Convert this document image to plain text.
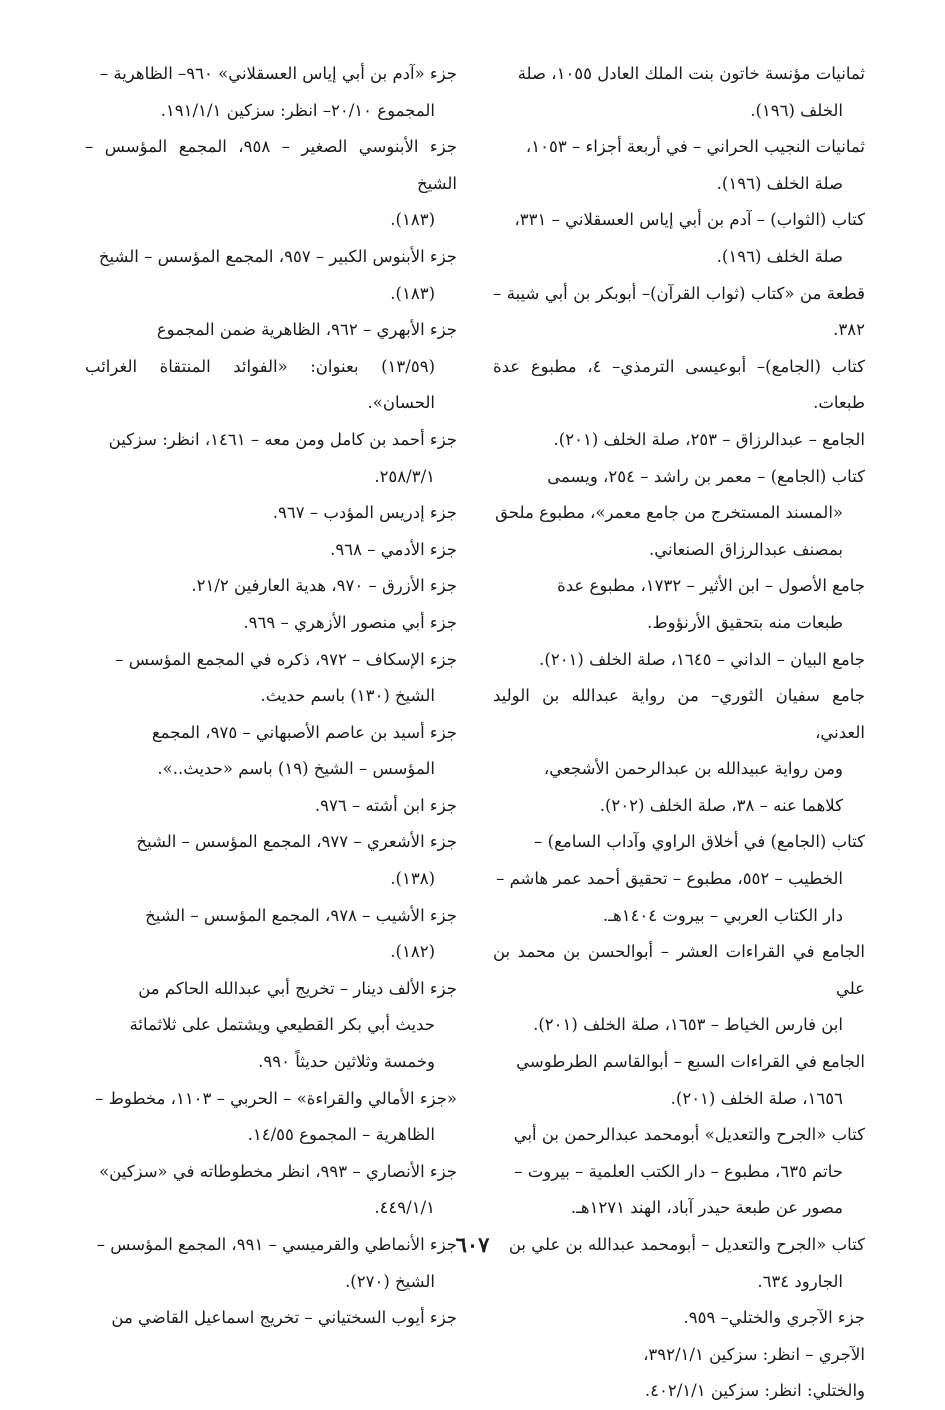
ثمانيات مؤنسة خاتون بنت الملك العادل ١٠٥٥، صلة
الخلف (١٩٦).
ثمانيات النجيب الحراني – في أربعة أجزاء – ١٠٥٣،
صلة الخلف (١٩٦).
كتاب (الثواب) – آدم بن أبي إياس العسقلاني – ٣٣١،
صلة الخلف (١٩٦).
قطعة من «كتاب (ثواب القرآن)– أبوبكر بن أبي شيبة – ٣٨٢.
كتاب (الجامع)– أبوعيسى الترمذي– ٤، مطبوع عدة طبعات.
الجامع – عبدالرزاق – ٢٥٣، صلة الخلف (٢٠١).
كتاب (الجامع) – معمر بن راشد – ٢٥٤، ويسمى
«المسند المستخرج من جامع معمر»، مطبوع ملحق
بمصنف عبدالرزاق الصنعاني.
جامع الأصول – ابن الأثير – ١٧٣٢، مطبوع عدة
طبعات منه بتحقيق الأرنؤوط.
جامع البيان – الداني – ١٦٤٥، صلة الخلف (٢٠١).
جامع سفيان الثوري– من رواية عبدالله بن الوليد العدني،
ومن رواية عبيدالله بن عبدالرحمن الأشجعي،
كلاهما عنه – ٣٨، صلة الخلف (٢٠٢).
كتاب (الجامع) في أخلاق الراوي وآداب السامع) –
الخطيب – ٥٥٢، مطبوع – تحقيق أحمد عمر هاشم –
دار الكتاب العربي – بيروت ١٤٠٤هـ.
الجامع في القراءات العشر – أبوالحسن بن محمد بن علي
ابن فارس الخياط – ١٦٥٣، صلة الخلف (٢٠١).
الجامع في القراءات السبع – أبوالقاسم الطرطوسي
١٦٥٦، صلة الخلف (٢٠١).
كتاب «الجرح والتعديل» أبومحمد عبدالرحمن بن أبي
حاتم ٦٣٥، مطبوع – دار الكتب العلمية – بيروت –
مصور عن طبعة حيدر آباد، الهند ١٢٧١هـ.
كتاب «الجرح والتعديل – أبومحمد عبدالله بن علي بن
الجارود ٦٣٤.
جزء الآجري والختلي– ٩٥٩.
الآجري – انظر: سزكين ٣٩٢/١/١،
والختلي: انظر: سزكين ٤٠٢/١/١.
جزء «آدم بن أبي إياس العسقلاني» ٩٦٠– الظاهرية –
المجموع ٢٠/١٠– انظر: سزكين ١٩١/١/١.
جزء الأبنوسي الصغير – ٩٥٨، المجمع المؤسس – الشيخ
(١٨٣).
جزء الأبنوس الكبير – ٩٥٧، المجمع المؤسس – الشيخ
(١٨٣).
جزء الأبهري – ٩٦٢، الظاهرية ضمن المجموع
(١٣/٥٩) بعنوان: «الفوائد المنتقاة الغرائب الحسان».
جزء أحمد بن كامل ومن معه – ١٤٦١، انظر: سزكين
٢٥٨/٣/١.
جزء إدريس المؤدب – ٩٦٧.
جزء الأدمي – ٩٦٨.
جزء الأزرق – ٩٧٠، هدية العارفين ٢١/٢.
جزء أبي منصور الأزهري – ٩٦٩.
جزء الإسكاف – ٩٧٢، ذكره في المجمع المؤسس –
الشيخ (١٣٠) باسم حديث.
جزء أسيد بن عاصم الأصبهاني – ٩٧٥، المجمع
المؤسس – الشيخ (١٩) باسم «حديث..».
جزء ابن أشته – ٩٧٦.
جزء الأشعري – ٩٧٧، المجمع المؤسس – الشيخ
(١٣٨).
جزء الأشيب – ٩٧٨، المجمع المؤسس – الشيخ
(١٨٢).
جزء الألف دينار – تخريج أبي عبدالله الحاكم من
حديث أبي بكر القطيعي ويشتمل على ثلاثمائة
وخمسة وثلاثين حديثاً ٩٩٠.
«جزء الأمالي والقراءة» – الحربي – ١١٠٣، مخطوط –
الظاهرية – المجموع ١٤/٥٥.
جزء الأنصاري – ٩٩٣، انظر مخطوطاته في «سزكين»
٤٤٩/١/١.
جزء الأنماطي والقرميسي – ٩٩١، المجمع المؤسس –
الشيخ (٢٧٠).
جزء أيوب السختياني – تخريج اسماعيل القاضي من
٦٠٧
